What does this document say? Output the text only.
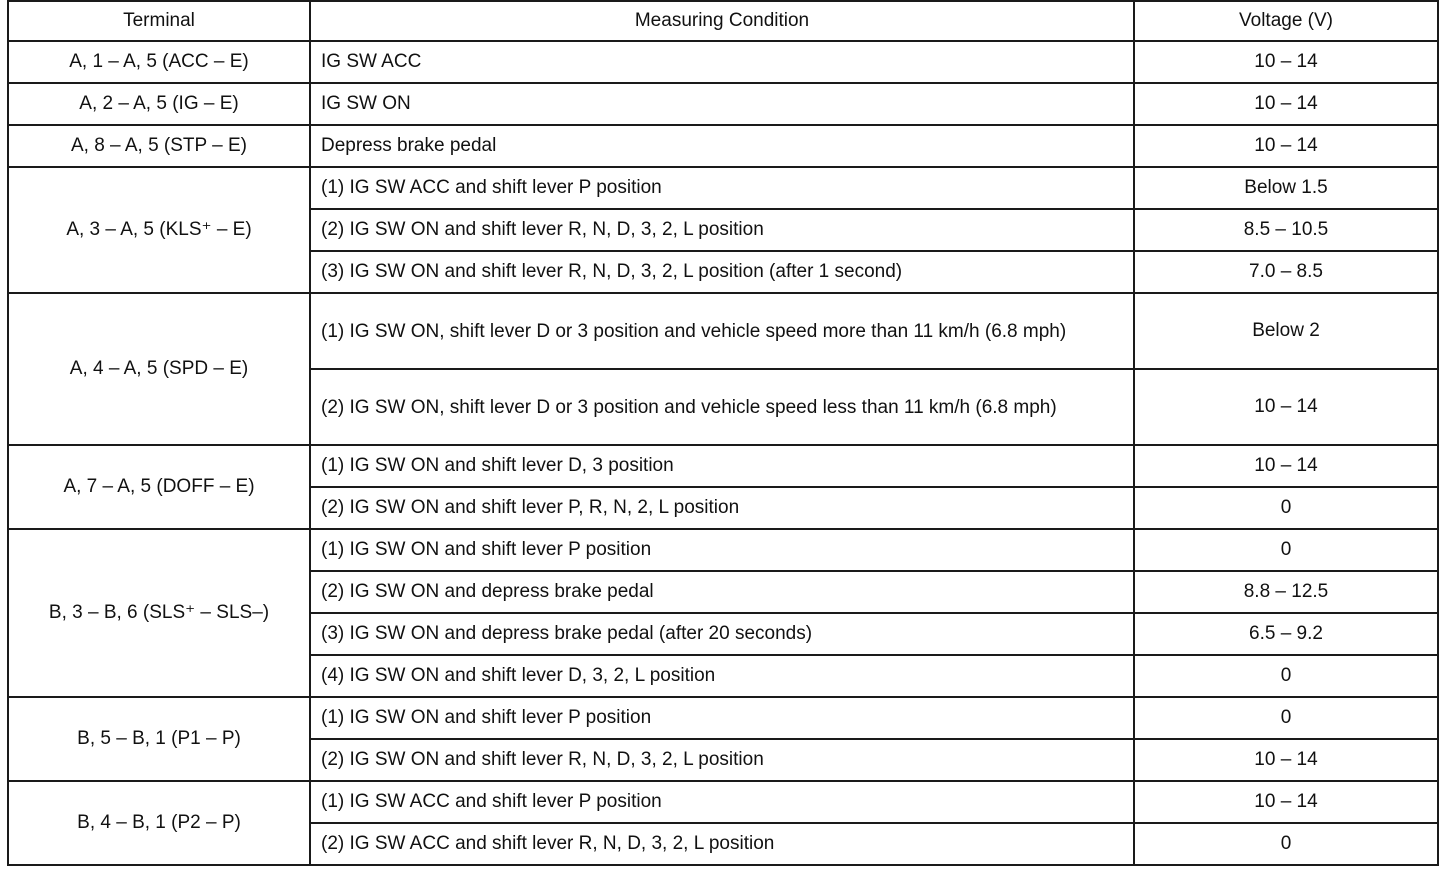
Terminal	Measuring Condition	Voltage (V)
A, 1 – A, 5 (ACC – E)	IG SW ACC	10 – 14
A, 2 – A, 5 (IG – E)	IG SW ON	10 – 14
A, 8 – A, 5 (STP – E)	Depress brake pedal	10 – 14
A, 3 – A, 5 (KLS⁺ – E)	(1) IG SW ACC and shift lever P position	Below 1.5
	(2) IG SW ON and shift lever R, N, D, 3, 2, L position	8.5 – 10.5
	(3) IG SW ON and shift lever R, N, D, 3, 2, L position (after 1 second)	7.0 – 8.5
A, 4 – A, 5 (SPD – E)	(1) IG SW ON, shift lever D or 3 position and vehicle speed more than 11 km/h (6.8 mph)	Below 2
	(2) IG SW ON, shift lever D or 3 position and vehicle speed less than 11 km/h (6.8 mph)	10 – 14
A, 7 – A, 5 (DOFF – E)	(1) IG SW ON and shift lever D, 3 position	10 – 14
	(2) IG SW ON and shift lever P, R, N, 2, L position	0
B, 3 – B, 6 (SLS⁺ – SLS–)	(1) IG SW ON and shift lever P position	0
	(2) IG SW ON and depress brake pedal	8.8 – 12.5
	(3) IG SW ON and depress brake pedal (after 20 seconds)	6.5 – 9.2
	(4) IG SW ON and shift lever D, 3, 2, L position	0
B, 5 – B, 1 (P1 – P)	(1) IG SW ON and shift lever P position	0
	(2) IG SW ON and shift lever R, N, D, 3, 2, L position	10 – 14
B, 4 – B, 1 (P2 – P)	(1) IG SW ACC and shift lever P position	10 – 14
	(2) IG SW ACC and shift lever R, N, D, 3, 2, L position	0
